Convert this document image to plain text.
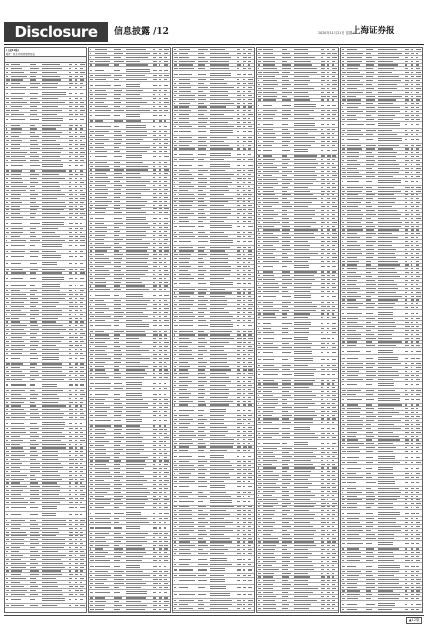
Disclosure	信息披露 /12	2020年11月21日 星期六
上海证券报
(上接11版)
附件：股东持股明细情况表
▲12版
